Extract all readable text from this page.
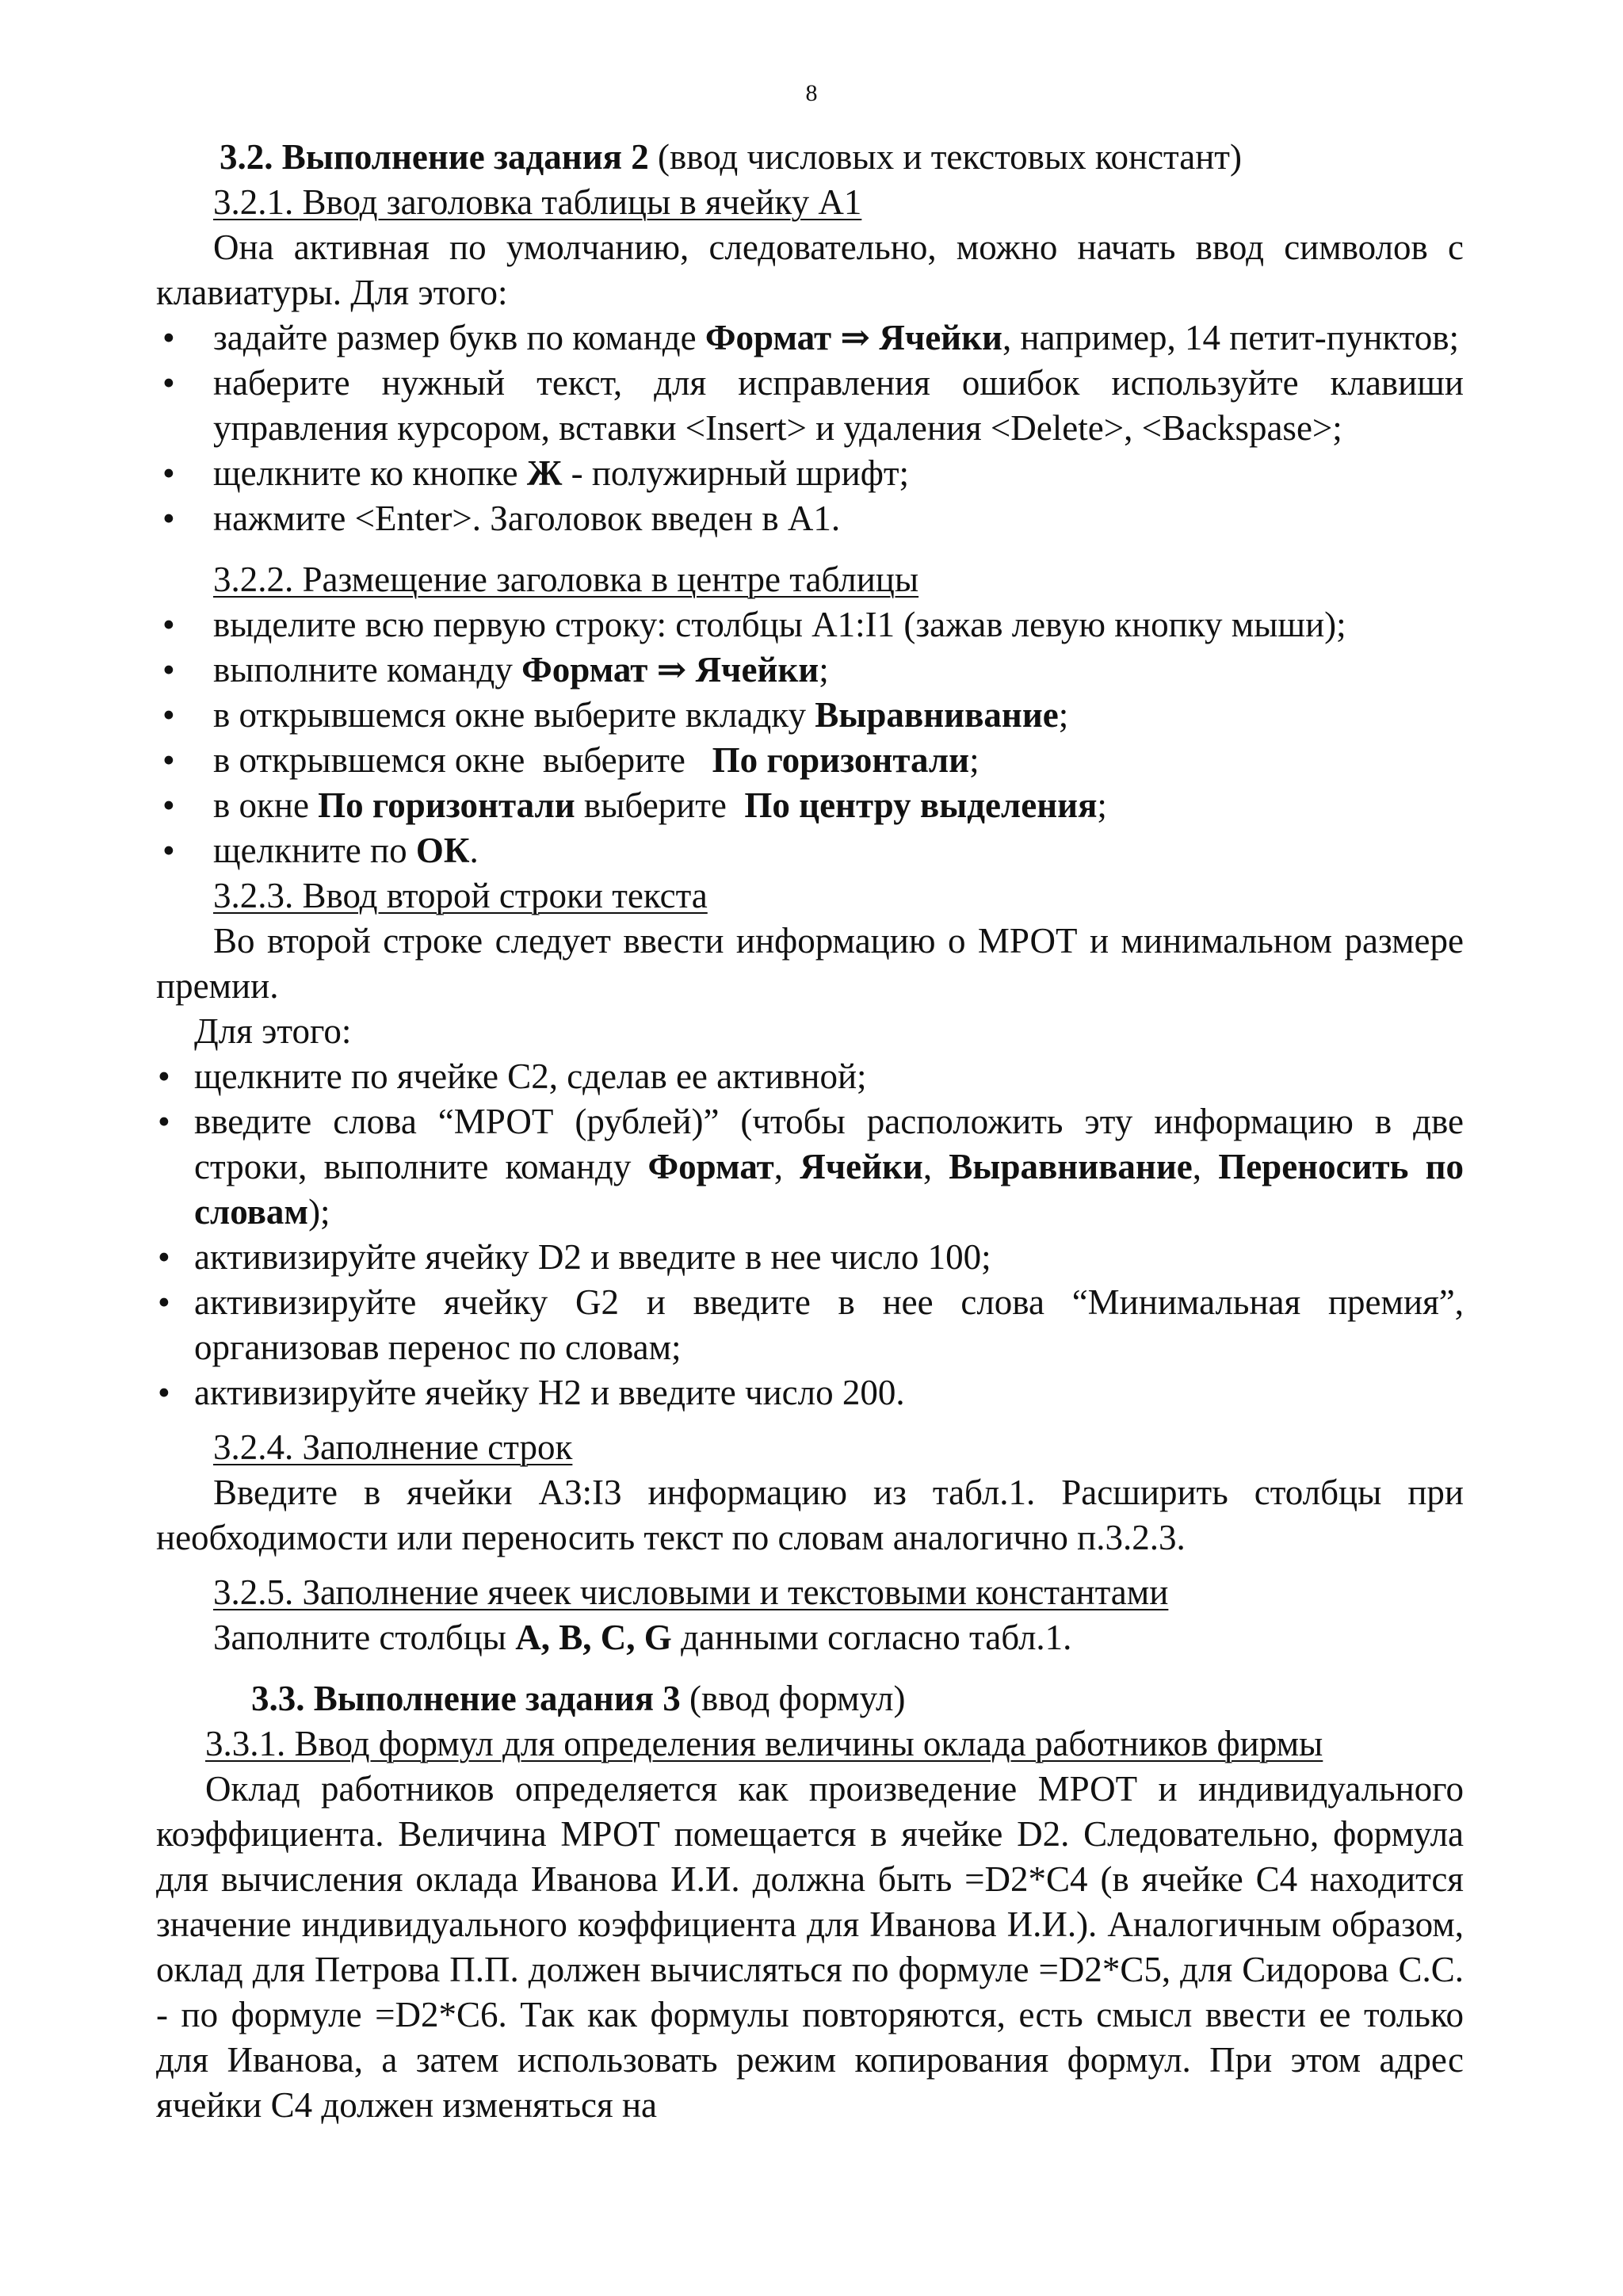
8
3.2. Выполнение задания 2 (ввод числовых и текстовых констант)
3.2.1. Ввод заголовка таблицы в ячейку А1
Она активная по умолчанию, следовательно, можно начать ввод символов с клавиатуры. Для этого:
• задайте размер букв по команде Формат ⇒ Ячейки, например, 14 петит-пунктов;
• наберите нужный текст, для исправления ошибок используйте клавиши управления курсором, вставки <Insert> и удаления <Delete>, <Backspase>;
• щелкните ко кнопке Ж - полужирный шрифт;
• нажмите <Enter>. Заголовок введен в А1.
3.2.2. Размещение заголовка в центре таблицы
• выделите всю первую строку: столбцы А1:I1 (зажав левую кнопку мыши);
• выполните команду Формат ⇒ Ячейки;
• в открывшемся окне выберите вкладку Выравнивание;
• в открывшемся окне  выберите   По горизонтали;
• в окне По горизонтали выберите  По центру выделения;
• щелкните по ОК.
3.2.3. Ввод второй строки текста
Во второй строке следует ввести информацию о МРОТ и минимальном размере премии.
Для этого:
• щелкните по ячейке С2, сделав ее активной;
• введите слова “МРОТ (рублей)” (чтобы расположить эту информацию в две строки, выполните команду Формат, Ячейки, Выравнивание, Переносить по словам);
• активизируйте ячейку D2 и введите в нее число 100;
• активизируйте ячейку G2 и введите в нее слова “Минимальная премия”, организовав перенос по словам;
• активизируйте ячейку Н2 и введите число 200.
3.2.4. Заполнение строк
Введите в ячейки А3:I3 информацию из табл.1. Расширить столбцы при необходимости или переносить текст по словам аналогично п.3.2.3.
3.2.5. Заполнение ячеек числовыми и текстовыми константами
Заполните столбцы A, B, C, G данными согласно табл.1.
3.3. Выполнение задания 3 (ввод формул)
3.3.1. Ввод формул для определения величины оклада работников фирмы
Оклад работников определяется как произведение МРОТ и индивидуального коэффициента. Величина МРОТ помещается в ячейке D2. Следовательно, формула для вычисления оклада Иванова И.И. должна быть =D2*C4 (в ячейке С4 находится значение индивидуального коэффициента для Иванова И.И.). Аналогичным образом, оклад для Петрова П.П. должен вычисляться по формуле =D2*C5, для Сидорова С.С. - по формуле =D2*C6. Так как формулы повторяются, есть смысл ввести ее только для Иванова, а затем использовать режим копирования формул. При этом адрес ячейки С4 должен изменяться на
